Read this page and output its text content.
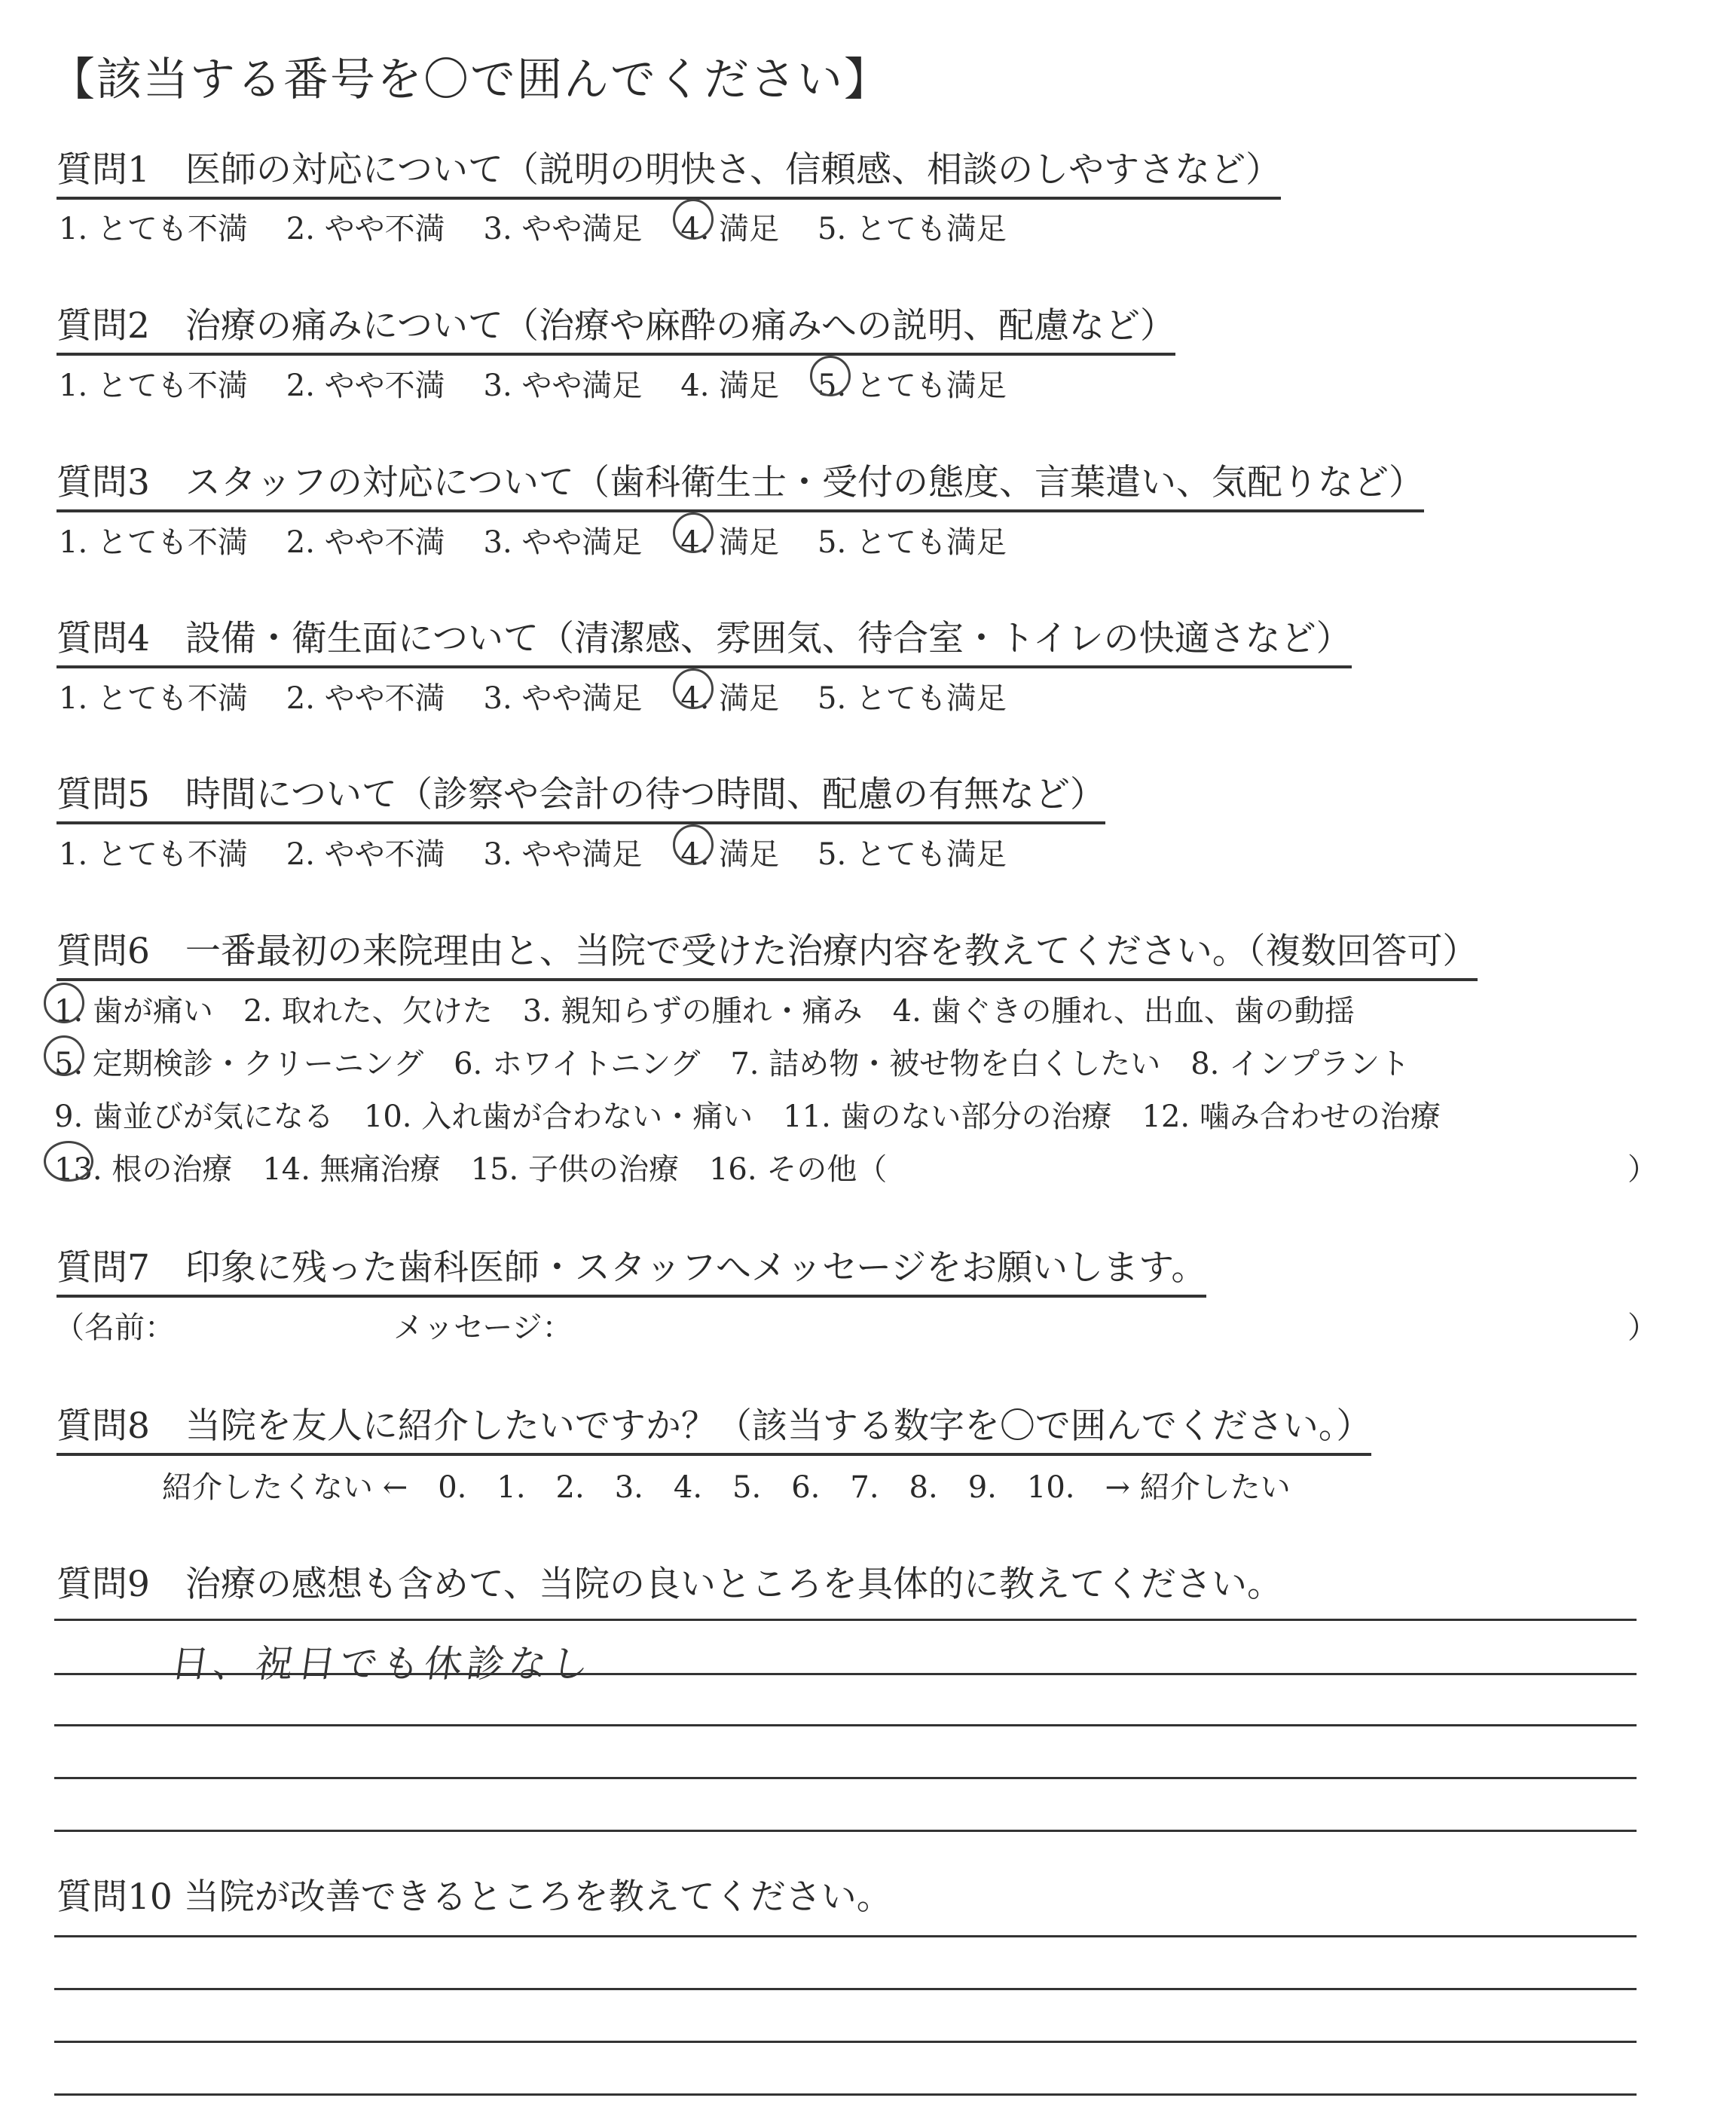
【該当する番号を〇で囲んでください】
質問1　医師の対応について（説明の明快さ、信頼感、相談のしやすさなど）
1. とても不満 2. やや不満 3. やや満足 4. 満足 5. とても満足
質問2　治療の痛みについて（治療や麻酔の痛みへの説明、配慮など）
1. とても不満 2. やや不満 3. やや満足 4. 満足 5. とても満足
質問3　スタッフの対応について（歯科衛生士・受付の態度、言葉遣い、気配りなど）
1. とても不満 2. やや不満 3. やや満足 4. 満足 5. とても満足
質問4　設備・衛生面について（清潔感、雰囲気、待合室・トイレの快適さなど）
1. とても不満 2. やや不満 3. やや満足 4. 満足 5. とても満足
質問5　時間について（診察や会計の待つ時間、配慮の有無など）
1. とても不満 2. やや不満 3. やや満足 4. 満足 5. とても満足
質問6　一番最初の来院理由と、当院で受けた治療内容を教えてください。（複数回答可）
1. 歯が痛い　2. 取れた、欠けた　3. 親知らずの腫れ・痛み　4. 歯ぐきの腫れ、出血、歯の動揺
5. 定期検診・クリーニング　6. ホワイトニング　7. 詰め物・被せ物を白くしたい　8. インプラント
9. 歯並びが気になる　10. 入れ歯が合わない・痛い　11. 歯のない部分の治療　12. 噛み合わせの治療
13. 根の治療　14. 無痛治療　15. 子供の治療　16. その他（	）
質問7　印象に残った歯科医師・スタッフへメッセージをお願いします。
（名前：	メッセージ：	）
質問8　当院を友人に紹介したいですか？（該当する数字を〇で囲んでください。）
紹介したくない ←　0.　1.　2.　3.　4.　5.　6.　7.　8.　9.　10.　→ 紹介したい
質問9　治療の感想も含めて、当院の良いところを具体的に教えてください。
日、祝日でも休診なし
質問10 当院が改善できるところを教えてください。
